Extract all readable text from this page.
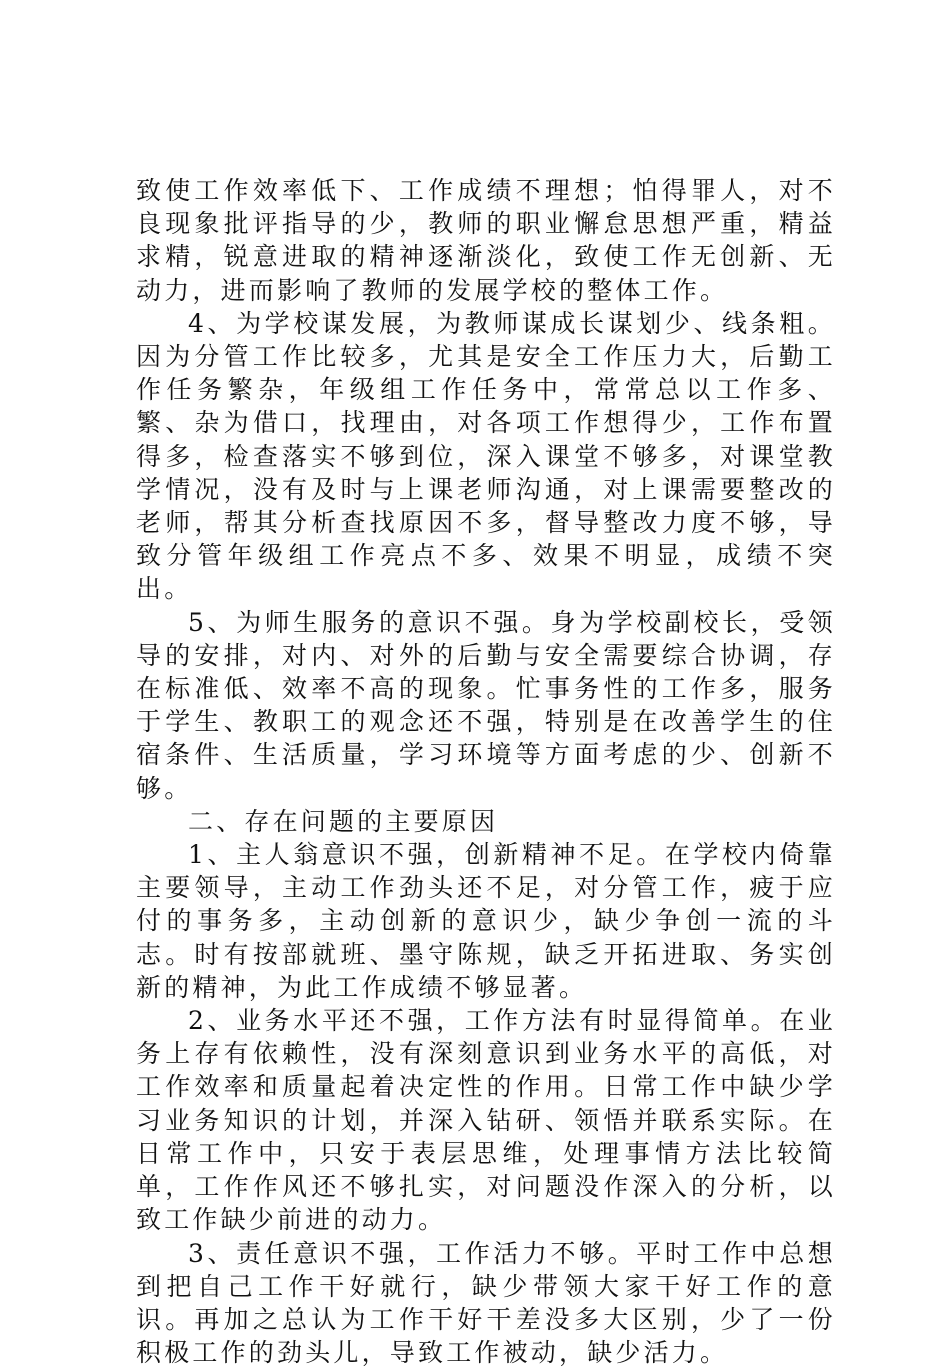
致使工作效率低下、工作成绩不理想；怕得罪人，对不良现象批评指导的少，教师的职业懈怠思想严重，精益求精，锐意进取的精神逐渐淡化，致使工作无创新、无动力，进而影响了教师的发展学校的整体工作。

4、为学校谋发展，为教师谋成长谋划少、线条粗。因为分管工作比较多，尤其是安全工作压力大，后勤工作任务繁杂，年级组工作任务中，常常总以工作多、繁、杂为借口，找理由，对各项工作想得少，工作布置得多，检查落实不够到位，深入课堂不够多，对课堂教学情况，没有及时与上课老师沟通，对上课需要整改的老师，帮其分析查找原因不多，督导整改力度不够，导致分管年级组工作亮点不多、效果不明显，成绩不突出。

5、为师生服务的意识不强。身为学校副校长，受领导的安排，对内、对外的后勤与安全需要综合协调，存在标准低、效率不高的现象。忙事务性的工作多，服务于学生、教职工的观念还不强，特别是在改善学生的住宿条件、生活质量，学习环境等方面考虑的少、创新不够。

二、存在问题的主要原因

1、主人翁意识不强，创新精神不足。在学校内倚靠主要领导，主动工作劲头还不足，对分管工作，疲于应付的事务多，主动创新的意识少，缺少争创一流的斗志。时有按部就班、墨守陈规，缺乏开拓进取、务实创新的精神，为此工作成绩不够显著。

2、业务水平还不强，工作方法有时显得简单。在业务上存有依赖性，没有深刻意识到业务水平的高低，对工作效率和质量起着决定性的作用。日常工作中缺少学习业务知识的计划，并深入钻研、领悟并联系实际。在日常工作中，只安于表层思维，处理事情方法比较简单，工作作风还不够扎实，对问题没作深入的分析，以致工作缺少前进的动力。

3、责任意识不强，工作活力不够。平时工作中总想到把自己工作干好就行，缺少带领大家干好工作的意识。再加之总认为工作干好干差没多大区别，少了一份积极工作的劲头儿，导致工作被动，缺少活力。
